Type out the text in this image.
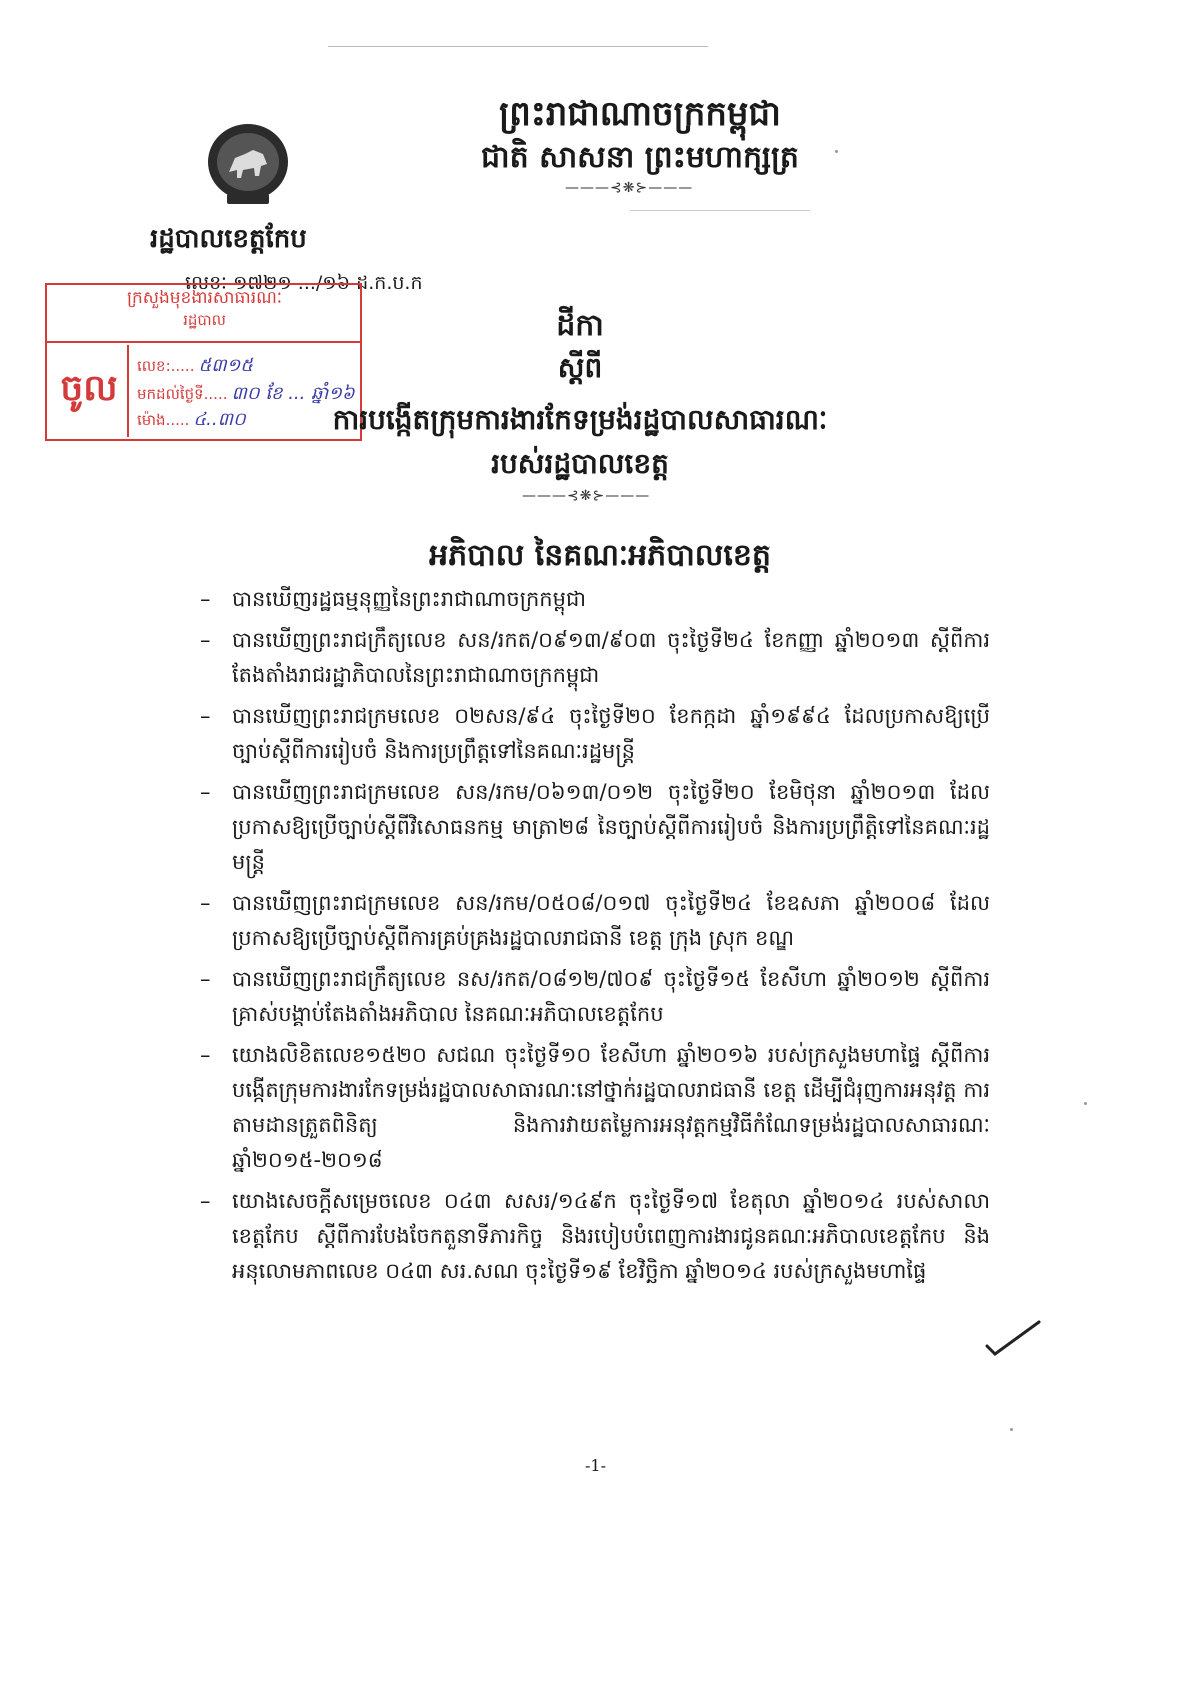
ព្រះរាជាណាចក្រកម្ពុជា
ជាតិ សាសនា ព្រះមហាក្សត្រ
———⊰❋⊱———
រដ្ឋបាលខេត្តកែប
លេខៈ ១៧២១ .../១៦ ដ.ក.ប.ក
ក្រសួងមុខងារសាធារណៈ
រដ្ឋបាល
ចូល
លេខ:..... ៥៣១៥
មកដល់ថ្ងៃទី..... ៣០ ខែ ... ឆ្នាំ១៦
ម៉ោង..... ៤..៣០
ដីកា
ស្តីពី
ការបង្កើតក្រុមការងារកែទម្រង់រដ្ឋបាលសាធារណៈ
របស់រដ្ឋបាលខេត្ត
———⊰❋⊱———
អភិបាល នៃគណៈអភិបាលខេត្ត
– បានឃើញរដ្ឋធម្មនុញ្ញនៃព្រះរាជាណាចក្រកម្ពុជា
– បានឃើញព្រះរាជក្រឹត្យលេខ សន/រកត/០៩១៣/៩០៣ ចុះថ្ងៃទី២៤ ខែកញ្ញា ឆ្នាំ២០១៣ ស្តីពីការតែងតាំងរាជរដ្ឋាភិបាលនៃព្រះរាជាណាចក្រកម្ពុជា
– បានឃើញព្រះរាជក្រមលេខ ០២សន/៩៤ ចុះថ្ងៃទី២០ ខែកក្កដា ឆ្នាំ១៩៩៤ ដែលប្រកាសឱ្យប្រើច្បាប់ស្តីពីការរៀបចំ និងការប្រព្រឹត្តទៅនៃគណៈរដ្ឋមន្ត្រី
– បានឃើញព្រះរាជក្រមលេខ សន/រកម/០៦១៣/០១២ ចុះថ្ងៃទី២០ ខែមិថុនា ឆ្នាំ២០១៣ ដែលប្រកាសឱ្យប្រើច្បាប់ស្តីពីវិសោធនកម្ម មាត្រា២៨ នៃច្បាប់ស្តីពីការរៀបចំ និងការប្រព្រឹត្តិទៅនៃគណៈរដ្ឋមន្ត្រី
– បានឃើញព្រះរាជក្រមលេខ សន/រកម/០៥០៨/០១៧ ចុះថ្ងៃទី២៤ ខែឧសភា ឆ្នាំ២០០៨ ដែលប្រកាសឱ្យប្រើច្បាប់ស្តីពីការគ្រប់គ្រងរដ្ឋបាលរាជធានី ខេត្ត ក្រុង ស្រុក ខណ្ឌ
– បានឃើញព្រះរាជក្រឹត្យលេខ នស/រកត/០៨១២/៧០៩ ចុះថ្ងៃទី១៥ ខែសីហា ឆ្នាំ២០១២ ស្តីពីការគ្រាស់បង្គាប់តែងតាំងអភិបាល នៃគណៈអភិបាលខេត្តកែប
– យោងលិខិតលេខ១៥២០ សជណ ចុះថ្ងៃទី១០ ខែសីហា ឆ្នាំ២០១៦ របស់ក្រសួងមហាផ្ទៃ ស្តីពីការបង្កើតក្រុមការងារកែទម្រង់រដ្ឋបាលសាធារណៈនៅថ្នាក់រដ្ឋបាលរាជធានី ខេត្ត ដើម្បីជំរុញការអនុវត្ត ការតាមដានត្រួតពិនិត្យ និងការវាយតម្លៃការអនុវត្តកម្មវិធីកំណែទម្រង់រដ្ឋបាលសាធារណៈ ឆ្នាំ២០១៥-២០១៨
– យោងសេចក្តីសម្រេចលេខ ០៤៣ សសរ/១៤៩ក ចុះថ្ងៃទី១៧ ខែតុលា ឆ្នាំ២០១៤ របស់សាលាខេត្តកែប ស្តីពីការបែងចែកតួនាទីភារកិច្ច និងរបៀបបំពេញការងារជូនគណៈអភិបាលខេត្តកែប និងអនុលោមភាពលេខ ០៤៣ សរ.សណ ចុះថ្ងៃទី១៩ ខែវិច្ឆិកា ឆ្នាំ២០១៤ របស់ក្រសួងមហាផ្ទៃ
-1-
